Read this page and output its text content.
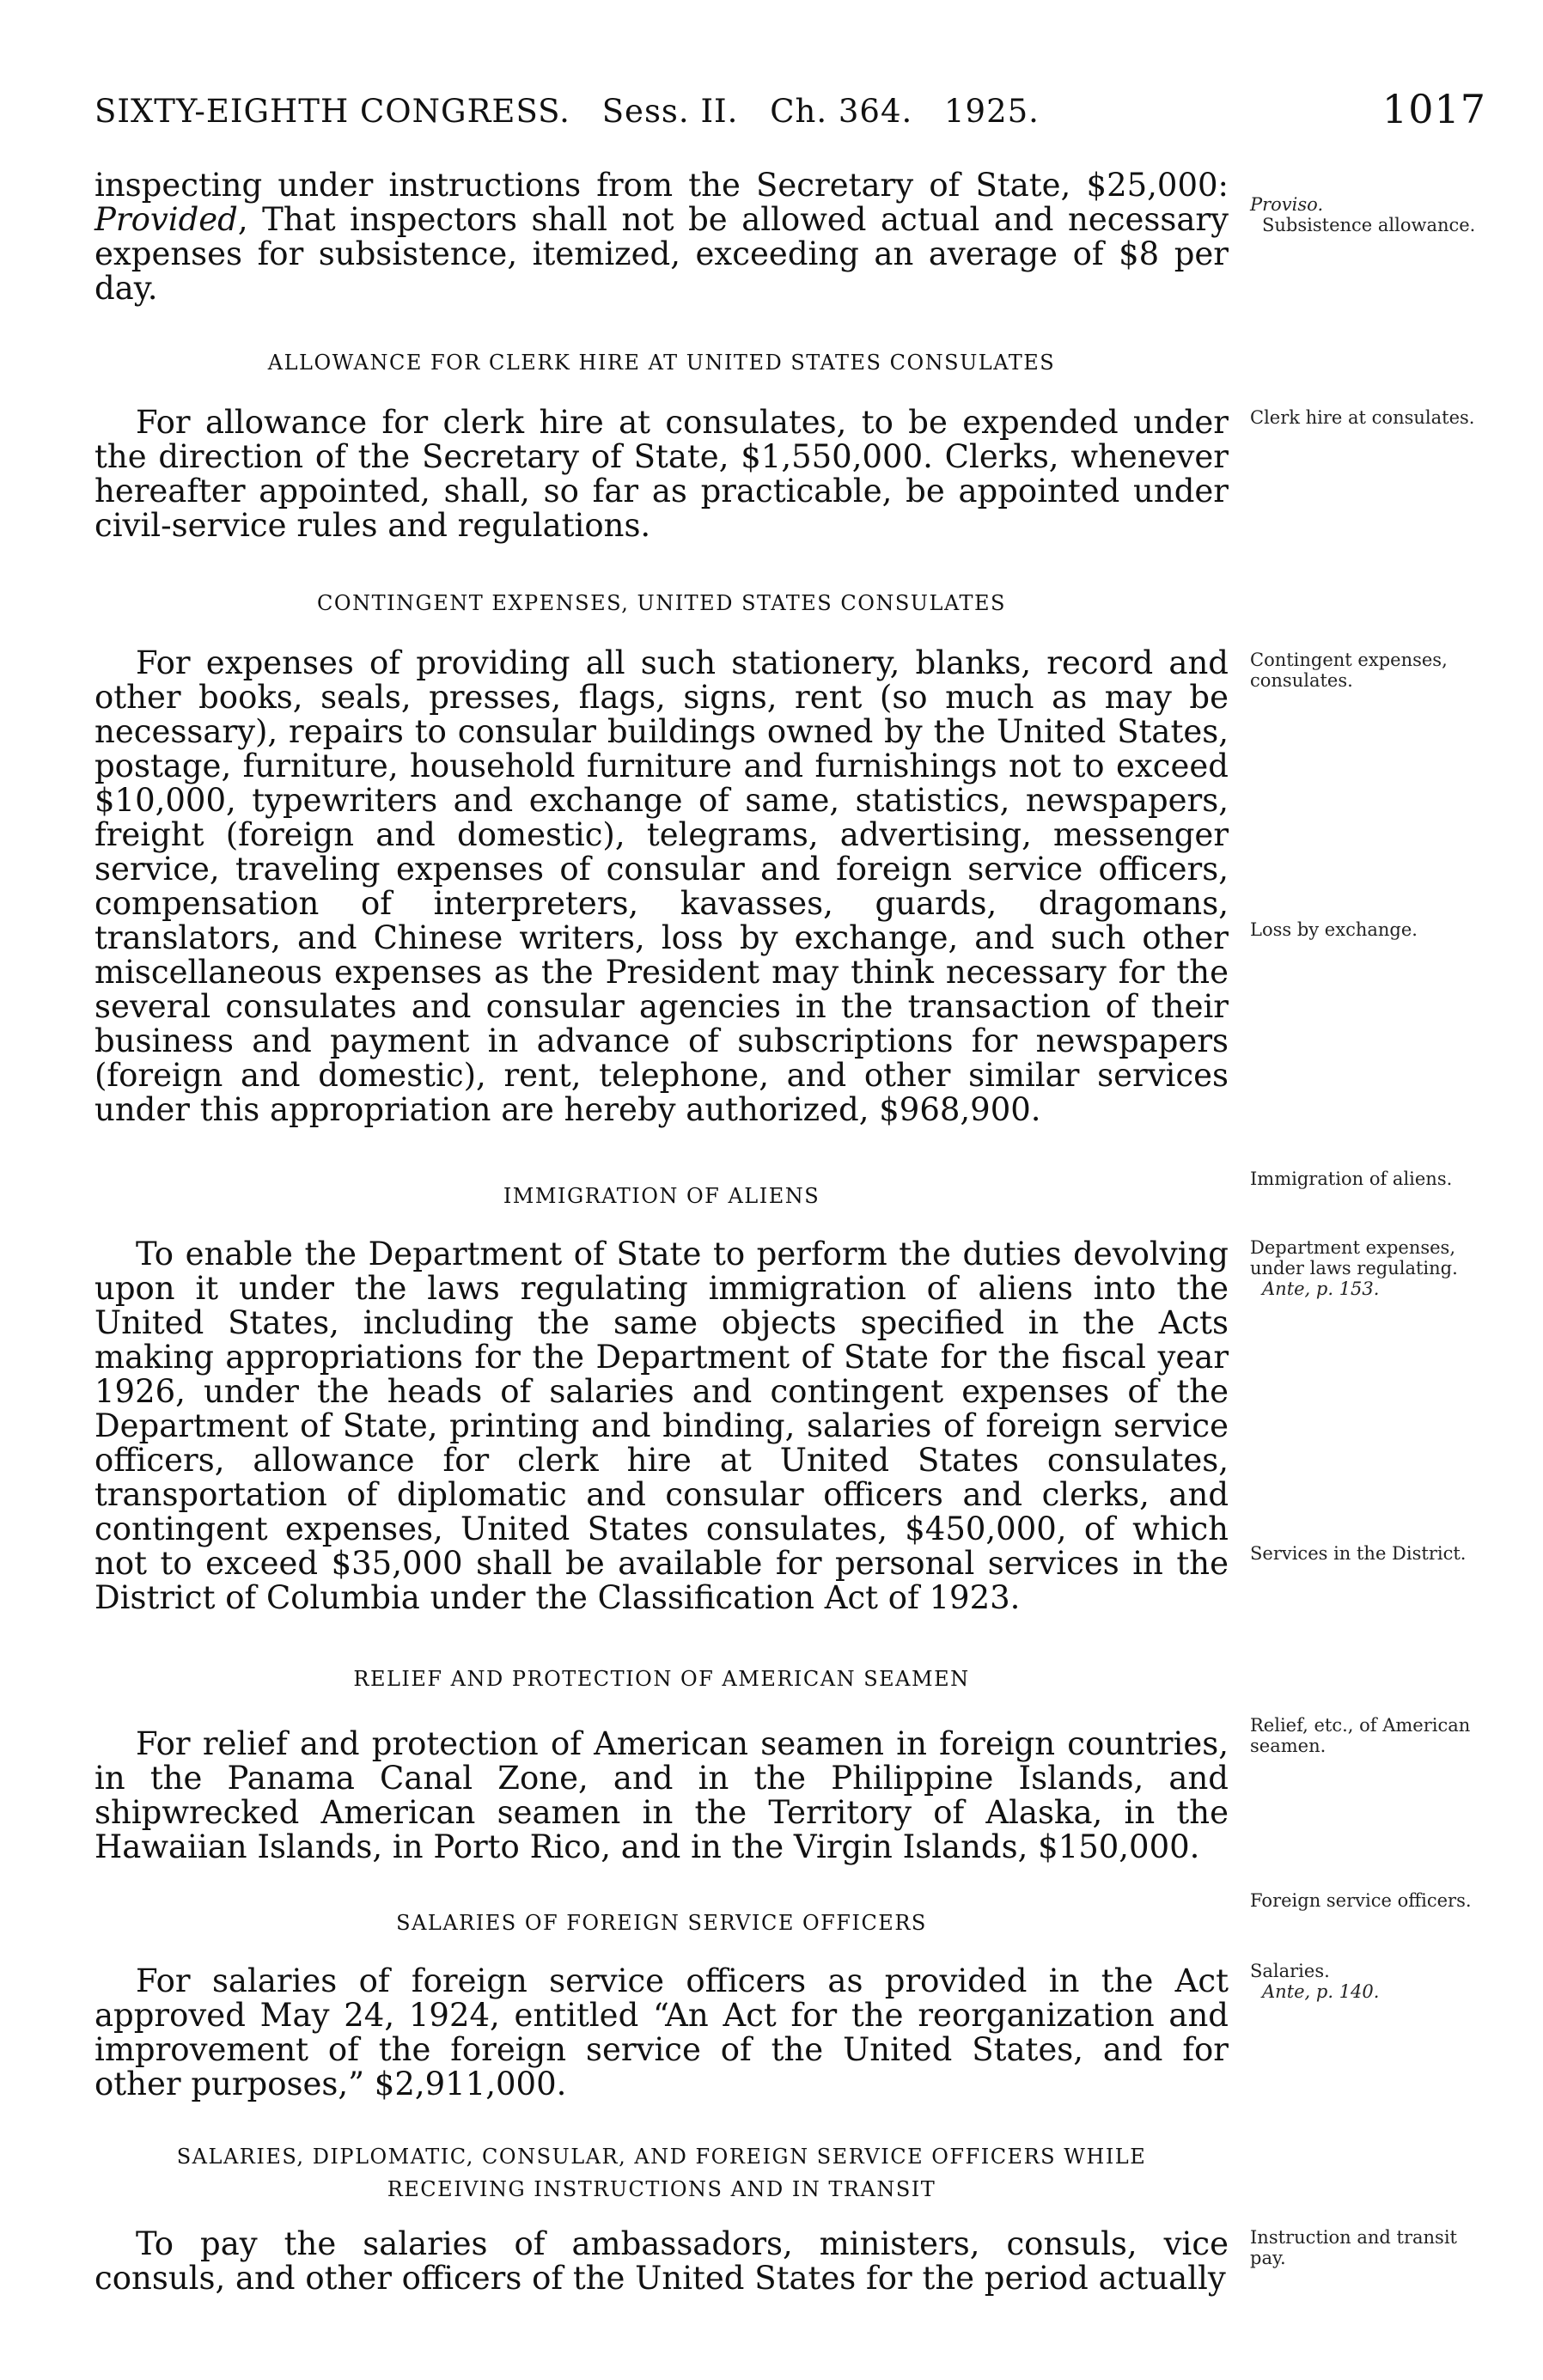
SIXTY-EIGHTH CONGRESS. Sess. II. Ch. 364. 1925.	1017

inspecting under instructions from the Secretary of State, $25,000: Provided, That inspectors shall not be allowed actual and necessary expenses for subsistence, itemized, exceeding an average of $8 per day.

ALLOWANCE FOR CLERK HIRE AT UNITED STATES CONSULATES

For allowance for clerk hire at consulates, to be expended under the direction of the Secretary of State, $1,550,000. Clerks, whenever hereafter appointed, shall, so far as practicable, be appointed under civil-service rules and regulations.

CONTINGENT EXPENSES, UNITED STATES CONSULATES

For expenses of providing all such stationery, blanks, record and other books, seals, presses, flags, signs, rent (so much as may be necessary), repairs to consular buildings owned by the United States, postage, furniture, household furniture and furnishings not to exceed $10,000, typewriters and exchange of same, statistics, newspapers, freight (foreign and domestic), telegrams, advertising, messenger service, traveling expenses of consular and foreign service officers, compensation of interpreters, kavasses, guards, dragomans, translators, and Chinese writers, loss by exchange, and such other miscellaneous expenses as the President may think necessary for the several consulates and consular agencies in the transaction of their business and payment in advance of subscriptions for newspapers (foreign and domestic), rent, telephone, and other similar services under this appropriation are hereby authorized, $968,900.

IMMIGRATION OF ALIENS

To enable the Department of State to perform the duties devolving upon it under the laws regulating immigration of aliens into the United States, including the same objects specified in the Acts making appropriations for the Department of State for the fiscal year 1926, under the heads of salaries and contingent expenses of the Department of State, printing and binding, salaries of foreign service officers, allowance for clerk hire at United States consulates, transportation of diplomatic and consular officers and clerks, and contingent expenses, United States consulates, $450,000, of which not to exceed $35,000 shall be available for personal services in the District of Columbia under the Classification Act of 1923.

RELIEF AND PROTECTION OF AMERICAN SEAMEN

For relief and protection of American seamen in foreign countries, in the Panama Canal Zone, and in the Philippine Islands, and shipwrecked American seamen in the Territory of Alaska, in the Hawaiian Islands, in Porto Rico, and in the Virgin Islands, $150,000.

SALARIES OF FOREIGN SERVICE OFFICERS

For salaries of foreign service officers as provided in the Act approved May 24, 1924, entitled “An Act for the reorganization and improvement of the foreign service of the United States, and for other purposes,” $2,911,000.

SALARIES, DIPLOMATIC, CONSULAR, AND FOREIGN SERVICE OFFICERS WHILE
RECEIVING INSTRUCTIONS AND IN TRANSIT

To pay the salaries of ambassadors, ministers, consuls, vice consuls, and other officers of the United States for the period actually

Proviso.
Subsistence allowance.
Clerk hire at consulates.
Contingent expenses, consulates.
Loss by exchange.
Immigration of aliens.
Department expenses, under laws regulating.
Ante, p. 153.
Services in the District.
Relief, etc., of American seamen.
Foreign service officers.
Salaries.
Ante, p. 140.
Instruction and transit pay.
